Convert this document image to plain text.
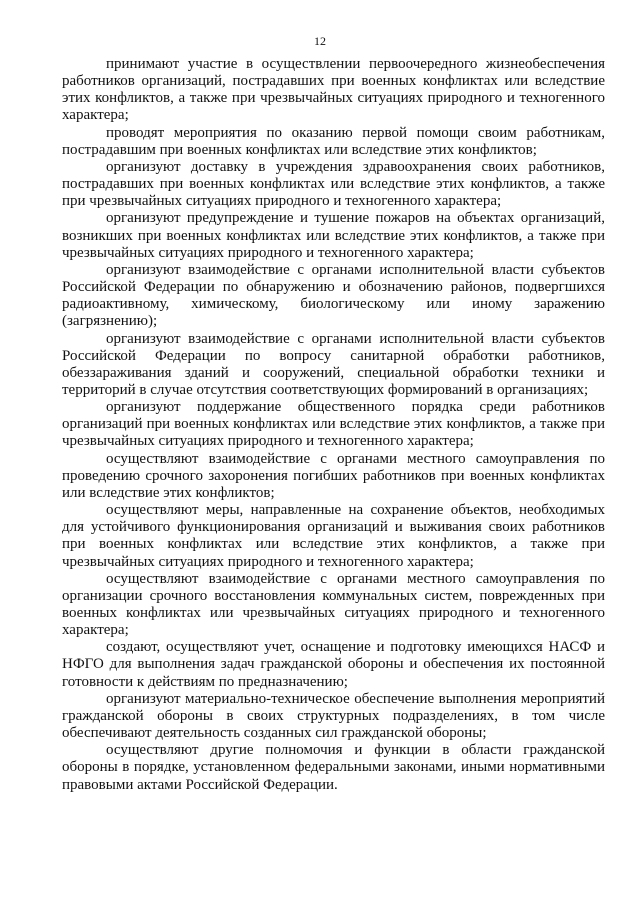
12

принимают участие в осуществлении первоочередного жизнеобеспечения работников организаций, пострадавших при военных конфликтах или вследствие этих конфликтов, а также при чрезвычайных ситуациях природного и техногенного характера;

проводят мероприятия по оказанию первой помощи своим работникам, пострадавшим при военных конфликтах или вследствие этих конфликтов;

организуют доставку в учреждения здравоохранения своих работников, пострадавших при военных конфликтах или вследствие этих конфликтов, а также при чрезвычайных ситуациях природного и техногенного характера;

организуют предупреждение и тушение пожаров на объектах организаций, возникших при военных конфликтах или вследствие этих конфликтов, а также при чрезвычайных ситуациях природного и техногенного характера;

организуют взаимодействие с органами исполнительной власти субъектов Российской Федерации по обнаружению и обозначению районов, подвергшихся радиоактивному, химическому, биологическому или иному заражению (загрязнению);

организуют взаимодействие с органами исполнительной власти субъектов Российской Федерации по вопросу санитарной обработки работников, обеззараживания зданий и сооружений, специальной обработки техники и территорий в случае отсутствия соответствующих формирований в организациях;

организуют поддержание общественного порядка среди работников организаций при военных конфликтах или вследствие этих конфликтов, а также при чрезвычайных ситуациях природного и техногенного характера;

осуществляют взаимодействие с органами местного самоуправления по проведению срочного захоронения погибших работников при военных конфликтах или вследствие этих конфликтов;

осуществляют меры, направленные на сохранение объектов, необходимых для устойчивого функционирования организаций и выживания своих работников при военных конфликтах или вследствие этих конфликтов, а также при чрезвычайных ситуациях природного и техногенного характера;

осуществляют взаимодействие с органами местного самоуправления по организации срочного восстановления коммунальных систем, поврежденных при военных конфликтах или чрезвычайных ситуациях природного и техногенного характера;

создают, осуществляют учет, оснащение и подготовку имеющихся НАСФ и НФГО для выполнения задач гражданской обороны и обеспечения их постоянной готовности к действиям по предназначению;

организуют материально-техническое обеспечение выполнения мероприятий гражданской обороны в своих структурных подразделениях, в том числе обеспечивают деятельность созданных сил гражданской обороны;

осуществляют другие полномочия и функции в области гражданской обороны в порядке, установленном федеральными законами, иными нормативными правовыми актами Российской Федерации.
